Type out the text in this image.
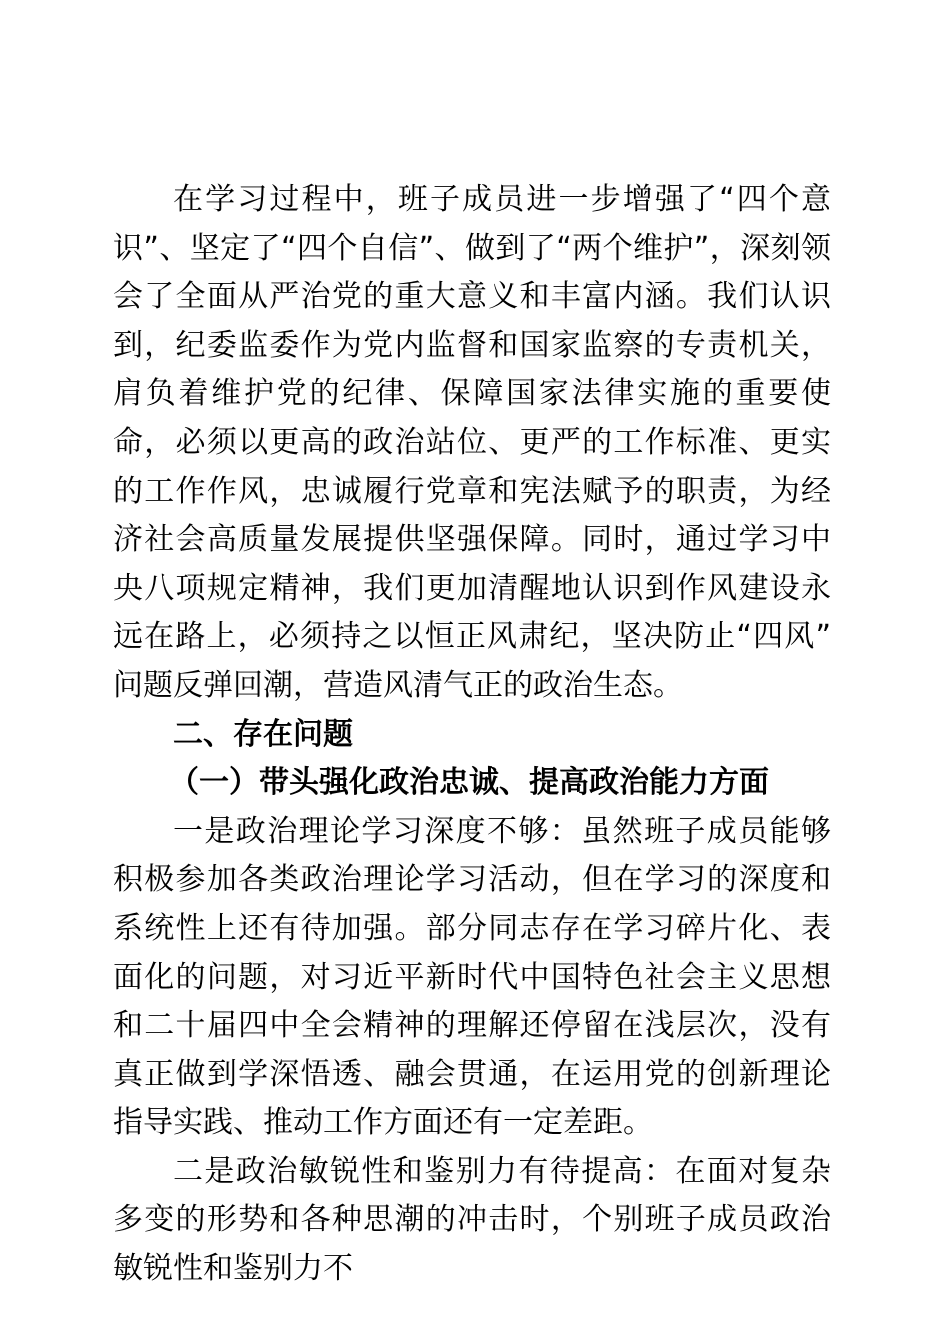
在学习过程中，班子成员进一步增强了“四个意识”、坚定了“四个自信”、做到了“两个维护”，深刻领会了全面从严治党的重大意义和丰富内涵。我们认识到，纪委监委作为党内监督和国家监察的专责机关，肩负着维护党的纪律、保障国家法律实施的重要使命，必须以更高的政治站位、更严的工作标准、更实的工作作风，忠诚履行党章和宪法赋予的职责，为经济社会高质量发展提供坚强保障。同时，通过学习中央八项规定精神，我们更加清醒地认识到作风建设永远在路上，必须持之以恒正风肃纪，坚决防止“四风”问题反弹回潮，营造风清气正的政治生态。

二、存在问题
（一）带头强化政治忠诚、提高政治能力方面

一是政治理论学习深度不够：虽然班子成员能够积极参加各类政治理论学习活动，但在学习的深度和系统性上还有待加强。部分同志存在学习碎片化、表面化的问题，对习近平新时代中国特色社会主义思想和二十届四中全会精神的理解还停留在浅层次，没有真正做到学深悟透、融会贯通，在运用党的创新理论指导实践、推动工作方面还有一定差距。

二是政治敏锐性和鉴别力有待提高：在面对复杂多变的形势和各种思潮的冲击时，个别班子成员政治敏锐性和鉴别力不
